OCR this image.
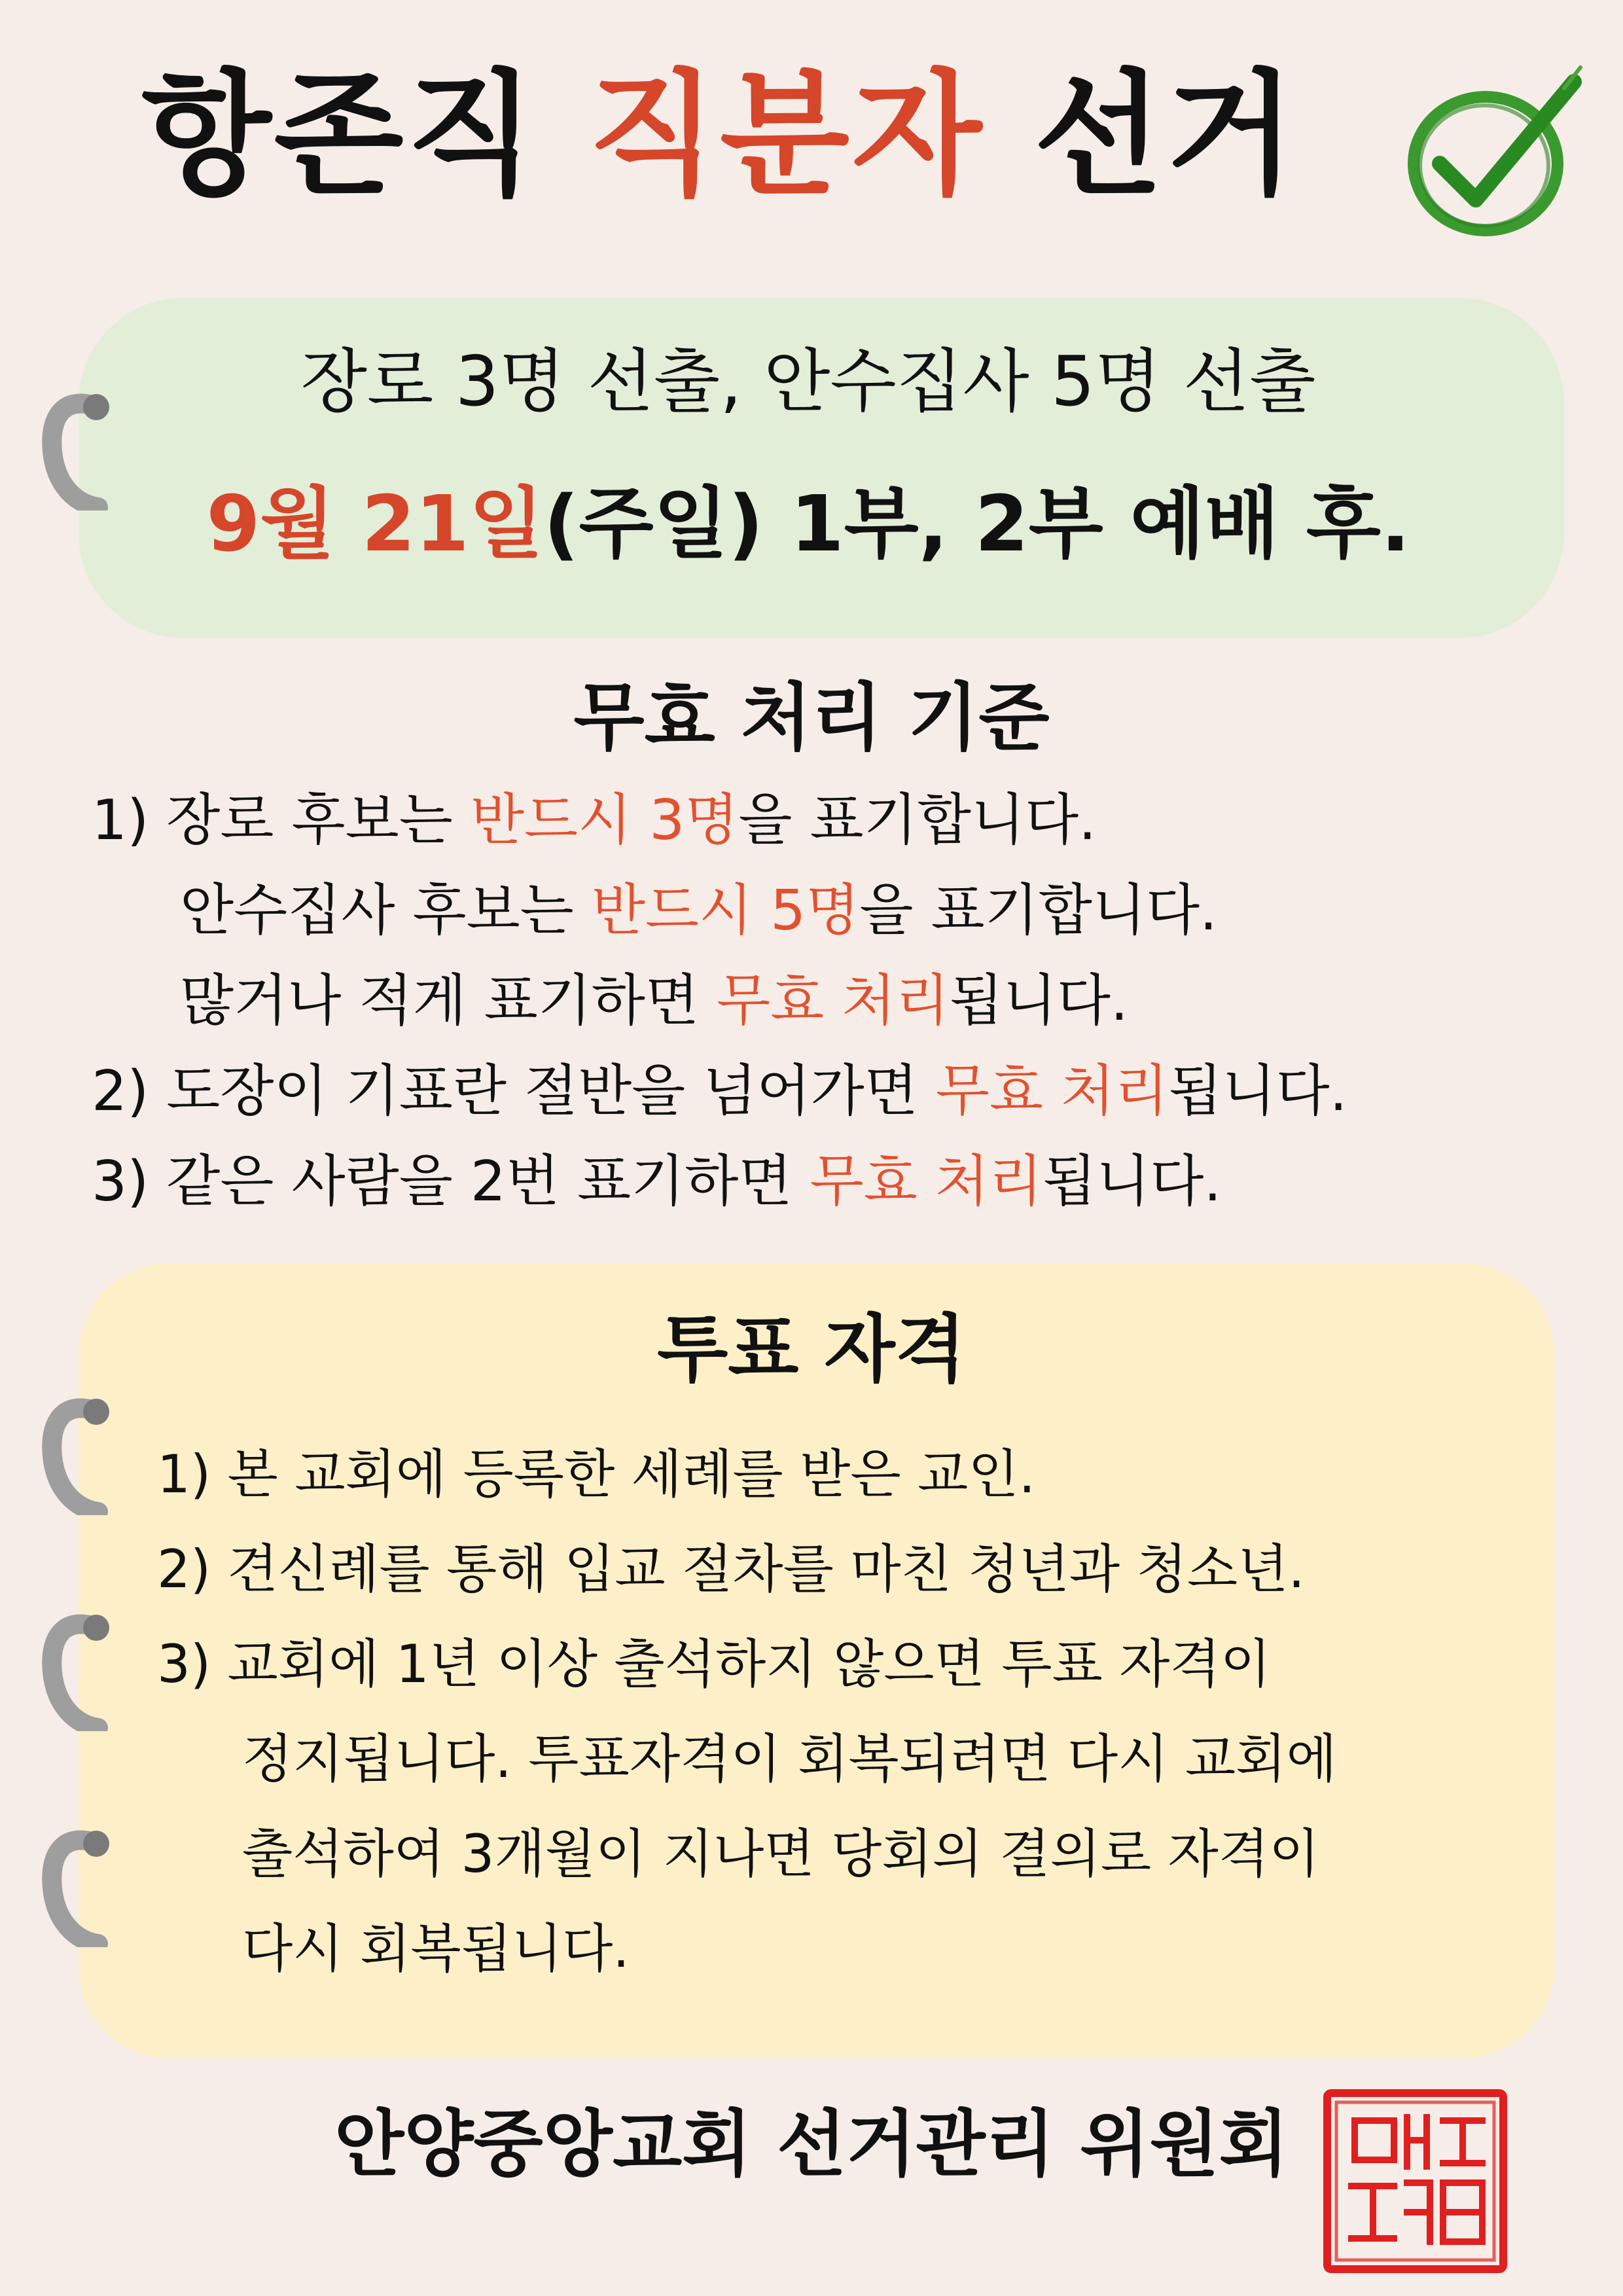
항존직 직분자 선거
장로 3명 선출, 안수집사 5명 선출
9월 21일(주일) 1부, 2부 예배 후.
무효 처리 기준
1) 장로 후보는 반드시 3명을 표기합니다.
안수집사 후보는 반드시 5명을 표기합니다.
많거나 적게 표기하면 무효 처리됩니다.
2) 도장이 기표란 절반을 넘어가면 무효 처리됩니다.
3) 같은 사람을 2번 표기하면 무효 처리됩니다.
투표 자격
1) 본 교회에 등록한 세례를 받은 교인.
2) 견신례를 통해 입교 절차를 마친 청년과 청소년.
3) 교회에 1년 이상 출석하지 않으면 투표 자격이
정지됩니다. 투표자격이 회복되려면 다시 교회에
출석하여 3개월이 지나면 당회의 결의로 자격이
다시 회복됩니다.
안양중앙교회 선거관리 위원회
